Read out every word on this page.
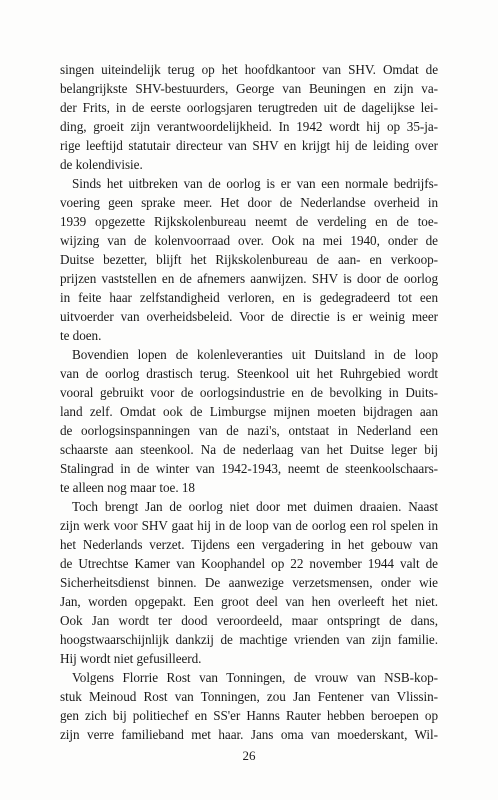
singen uiteindelijk terug op het hoofdkantoor van SHV. Omdat de
belangrijkste SHV-bestuurders, George van Beuningen en zijn va-
der Frits, in de eerste oorlogsjaren terugtreden uit de dagelijkse lei-
ding, groeit zijn verantwoordelijkheid. In 1942 wordt hij op 35-ja-
rige leeftijd statutair directeur van SHV en krijgt hij de leiding over
de kolendivisie.
Sinds het uitbreken van de oorlog is er van een normale bedrijfs-
voering geen sprake meer. Het door de Nederlandse overheid in
1939 opgezette Rijkskolenbureau neemt de verdeling en de toe-
wijzing van de kolenvoorraad over. Ook na mei 1940, onder de
Duitse bezetter, blijft het Rijkskolenbureau de aan- en verkoop-
prijzen vaststellen en de afnemers aanwijzen. SHV is door de oorlog
in feite haar zelfstandigheid verloren, en is gedegradeerd tot een
uitvoerder van overheidsbeleid. Voor de directie is er weinig meer
te doen.
Bovendien lopen de kolenleveranties uit Duitsland in de loop
van de oorlog drastisch terug. Steenkool uit het Ruhrgebied wordt
vooral gebruikt voor de oorlogsindustrie en de bevolking in Duits-
land zelf. Omdat ook de Limburgse mijnen moeten bijdragen aan
de oorlogsinspanningen van de nazi's, ontstaat in Nederland een
schaarste aan steenkool. Na de nederlaag van het Duitse leger bij
Stalingrad in de winter van 1942-1943, neemt de steenkoolschaars-
te alleen nog maar toe. 18
Toch brengt Jan de oorlog niet door met duimen draaien. Naast
zijn werk voor SHV gaat hij in de loop van de oorlog een rol spelen in
het Nederlands verzet. Tijdens een vergadering in het gebouw van
de Utrechtse Kamer van Koophandel op 22 november 1944 valt de
Sicherheitsdienst binnen. De aanwezige verzetsmensen, onder wie
Jan, worden opgepakt. Een groot deel van hen overleeft het niet.
Ook Jan wordt ter dood veroordeeld, maar ontspringt de dans,
hoogstwaarschijnlijk dankzij de machtige vrienden van zijn familie.
Hij wordt niet gefusilleerd.
Volgens Florrie Rost van Tonningen, de vrouw van NSB-kop-
stuk Meinoud Rost van Tonningen, zou Jan Fentener van Vlissin-
gen zich bij politiechef en SS'er Hanns Rauter hebben beroepen op
zijn verre familieband met haar. Jans oma van moederskant, Wil-
26
